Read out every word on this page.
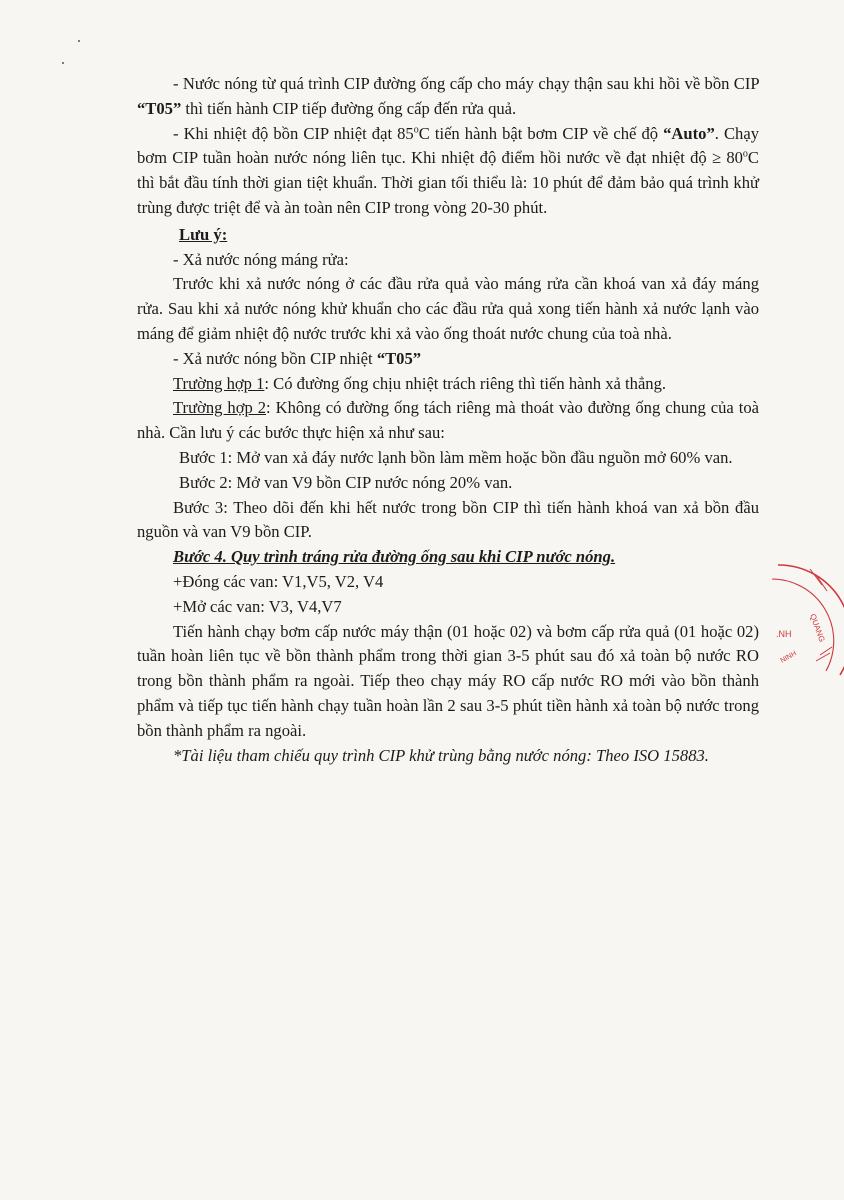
- Nước nóng từ quá trình CIP đường ống cấp cho máy chạy thận sau khi hồi về bồn CIP “T05” thì tiến hành CIP tiếp đường ống cấp đến rửa quả.

- Khi nhiệt độ bồn CIP nhiệt đạt 85$^o$C tiến hành bật bơm CIP về chế độ “Auto”. Chạy bơm CIP tuần hoàn nước nóng liên tục. Khi nhiệt độ điểm hồi nước về đạt nhiệt độ ≥ $80^oC$ thì bắt đầu tính thời gian tiệt khuẩn. Thời gian tối thiểu là: 10 phút để đảm bảo quá trình khử trùng được triệt để và àn toàn nên CIP trong vòng 20-30 phút.

Lưu ý:

- Xả nước nóng máng rửa:

Trước khi xả nước nóng ở các đầu rửa quả vào máng rửa cần khoá van xả đáy máng rửa. Sau khi xả nước nóng khử khuẩn cho các đầu rửa quả xong tiến hành xả nước lạnh vào máng để giảm nhiệt độ nước trước khi xả vào ống thoát nước chung của toà nhà.

- Xả nước nóng bồn CIP nhiệt “T05”

Trường hợp 1: Có đường ống chịu nhiệt trách riêng thì tiến hành xả thẳng.

Trường hợp 2: Không có đường ống tách riêng mà thoát vào đường ống chung của toà nhà. Cần lưu ý các bước thực hiện xả như sau:

Bước 1: Mở van xả đáy nước lạnh bồn làm mềm hoặc bồn đầu nguồn mở 60% van.

Bước 2: Mở van V9 bồn CIP nước nóng 20% van.

Bước 3: Theo dõi đến khi hết nước trong bồn CIP thì tiến hành khoá van xả bồn đầu nguồn và van V9 bồn CIP.

Bước 4. Quy trình tráng rửa đường ống sau khi CIP nước nóng.

+Đóng các van: V1,V5, V2, V4

+Mở các van: V3, V4,V7

Tiến hành chạy bơm cấp nước máy thận (01 hoặc 02) và bơm cấp rửa quả (01 hoặc 02) tuần hoàn liên tục về bồn thành phẩm trong thời gian 3-5 phút sau đó xả toàn bộ nước RO trong bồn thành phẩm ra ngoài. Tiếp theo chạy máy RO cấp nước RO mới vào bồn thành phẩm và tiếp tục tiến hành chạy tuần hoàn lần 2 sau 3-5 phút tiền hành xả toàn bộ nước trong bồn thành phẩm ra ngoài.

*Tài liệu tham chiếu quy trình CIP khử trùng bằng nước nóng: Theo ISO 15883.

QUANG
.NH
NINH
